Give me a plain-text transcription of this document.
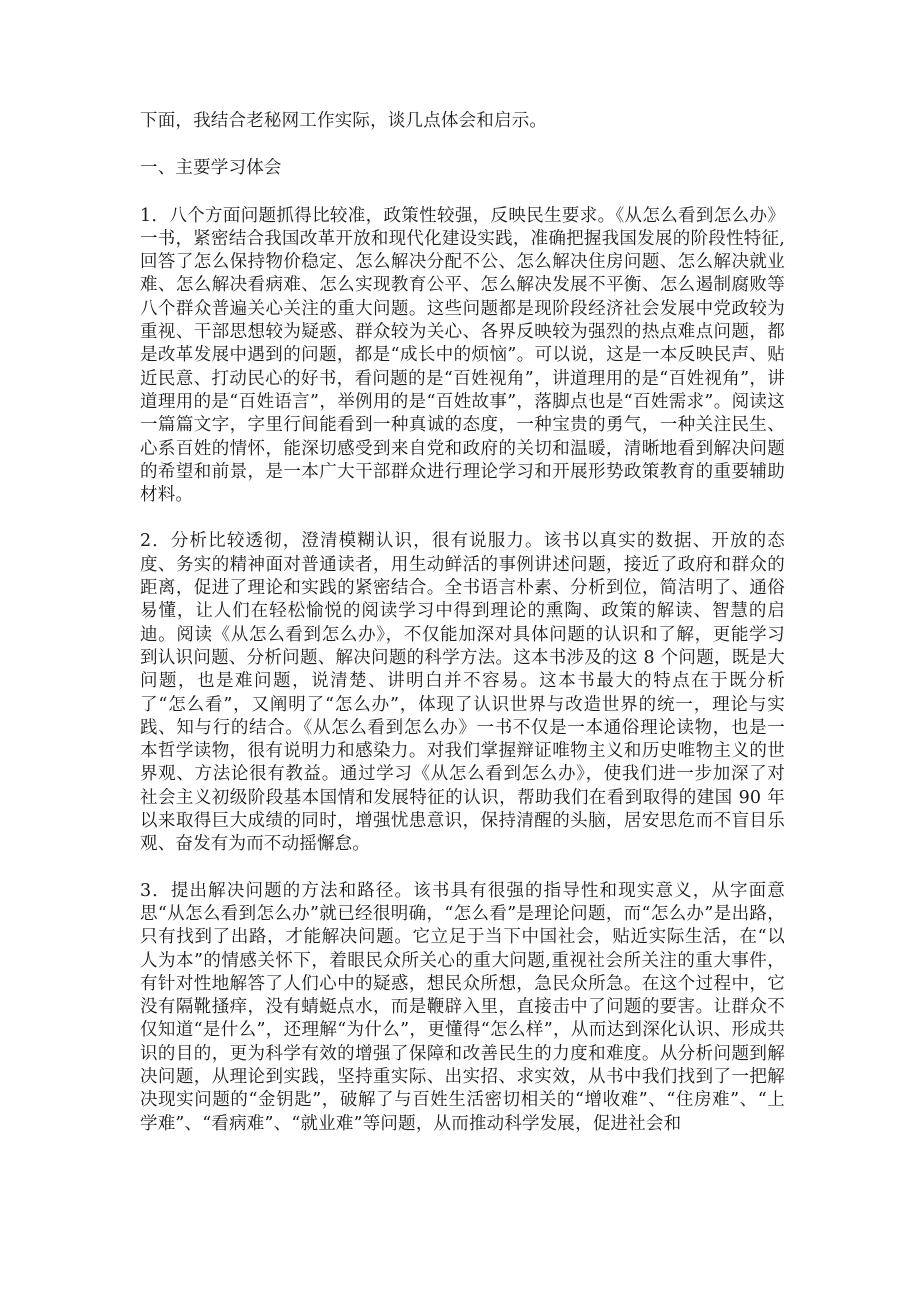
下面，我结合老秘网工作实际，谈几点体会和启示。

一、主要学习体会

1．八个方面问题抓得比较准，政策性较强，反映民生要求。《从怎么看到怎么办》一书，紧密结合我国改革开放和现代化建设实践，准确把握我国发展的阶段性特征,回答了怎么保持物价稳定、怎么解决分配不公、怎么解决住房问题、怎么解决就业难、怎么解决看病难、怎么实现教育公平、怎么解决发展不平衡、怎么遏制腐败等八个群众普遍关心关注的重大问题。这些问题都是现阶段经济社会发展中党政较为重视、干部思想较为疑惑、群众较为关心、各界反映较为强烈的热点难点问题，都是改革发展中遇到的问题，都是“成长中的烦恼”。可以说，这是一本反映民声、贴近民意、打动民心的好书，看问题的是“百姓视角”，讲道理用的是“百姓视角”，讲道理用的是“百姓语言”，举例用的是“百姓故事”，落脚点也是“百姓需求”。阅读这一篇篇文字，字里行间能看到一种真诚的态度，一种宝贵的勇气，一种关注民生、心系百姓的情怀，能深切感受到来自党和政府的关切和温暖，清晰地看到解决问题的希望和前景，是一本广大干部群众进行理论学习和开展形势政策教育的重要辅助材料。

2．分析比较透彻，澄清模糊认识，很有说服力。该书以真实的数据、开放的态度、务实的精神面对普通读者，用生动鲜活的事例讲述问题，接近了政府和群众的距离，促进了理论和实践的紧密结合。全书语言朴素、分析到位，简洁明了、通俗易懂，让人们在轻松愉悦的阅读学习中得到理论的熏陶、政策的解读、智慧的启迪。阅读《从怎么看到怎么办》，不仅能加深对具体问题的认识和了解，更能学习到认识问题、分析问题、解决问题的科学方法。这本书涉及的这 8 个问题，既是大问题，也是难问题，说清楚、讲明白并不容易。这本书最大的特点在于既分析了“怎么看”，又阐明了“怎么办”，体现了认识世界与改造世界的统一，理论与实践、知与行的结合。《从怎么看到怎么办》一书不仅是一本通俗理论读物，也是一本哲学读物，很有说明力和感染力。对我们掌握辩证唯物主义和历史唯物主义的世界观、方法论很有教益。通过学习《从怎么看到怎么办》，使我们进一步加深了对社会主义初级阶段基本国情和发展特征的认识，帮助我们在看到取得的建国 90 年以来取得巨大成绩的同时，增强忧患意识，保持清醒的头脑，居安思危而不盲目乐观、奋发有为而不动摇懈怠。

3．提出解决问题的方法和路径。该书具有很强的指导性和现实意义，从字面意思“从怎么看到怎么办”就已经很明确，“怎么看”是理论问题，而“怎么办”是出路，只有找到了出路，才能解决问题。它立足于当下中国社会，贴近实际生活，在“以人为本”的情感关怀下，着眼民众所关心的重大问题,重视社会所关注的重大事件，有针对性地解答了人们心中的疑惑，想民众所想，急民众所急。在这个过程中，它没有隔靴搔痒，没有蜻蜓点水，而是鞭辟入里，直接击中了问题的要害。让群众不仅知道“是什么”，还理解“为什么”，更懂得“怎么样”，从而达到深化认识、形成共识的目的，更为科学有效的增强了保障和改善民生的力度和难度。从分析问题到解决问题，从理论到实践，坚持重实际、出实招、求实效，从书中我们找到了一把解决现实问题的“金钥匙”，破解了与百姓生活密切相关的“增收难”、“住房难”、“上学难”、“看病难”、“就业难”等问题，从而推动科学发展，促进社会和
